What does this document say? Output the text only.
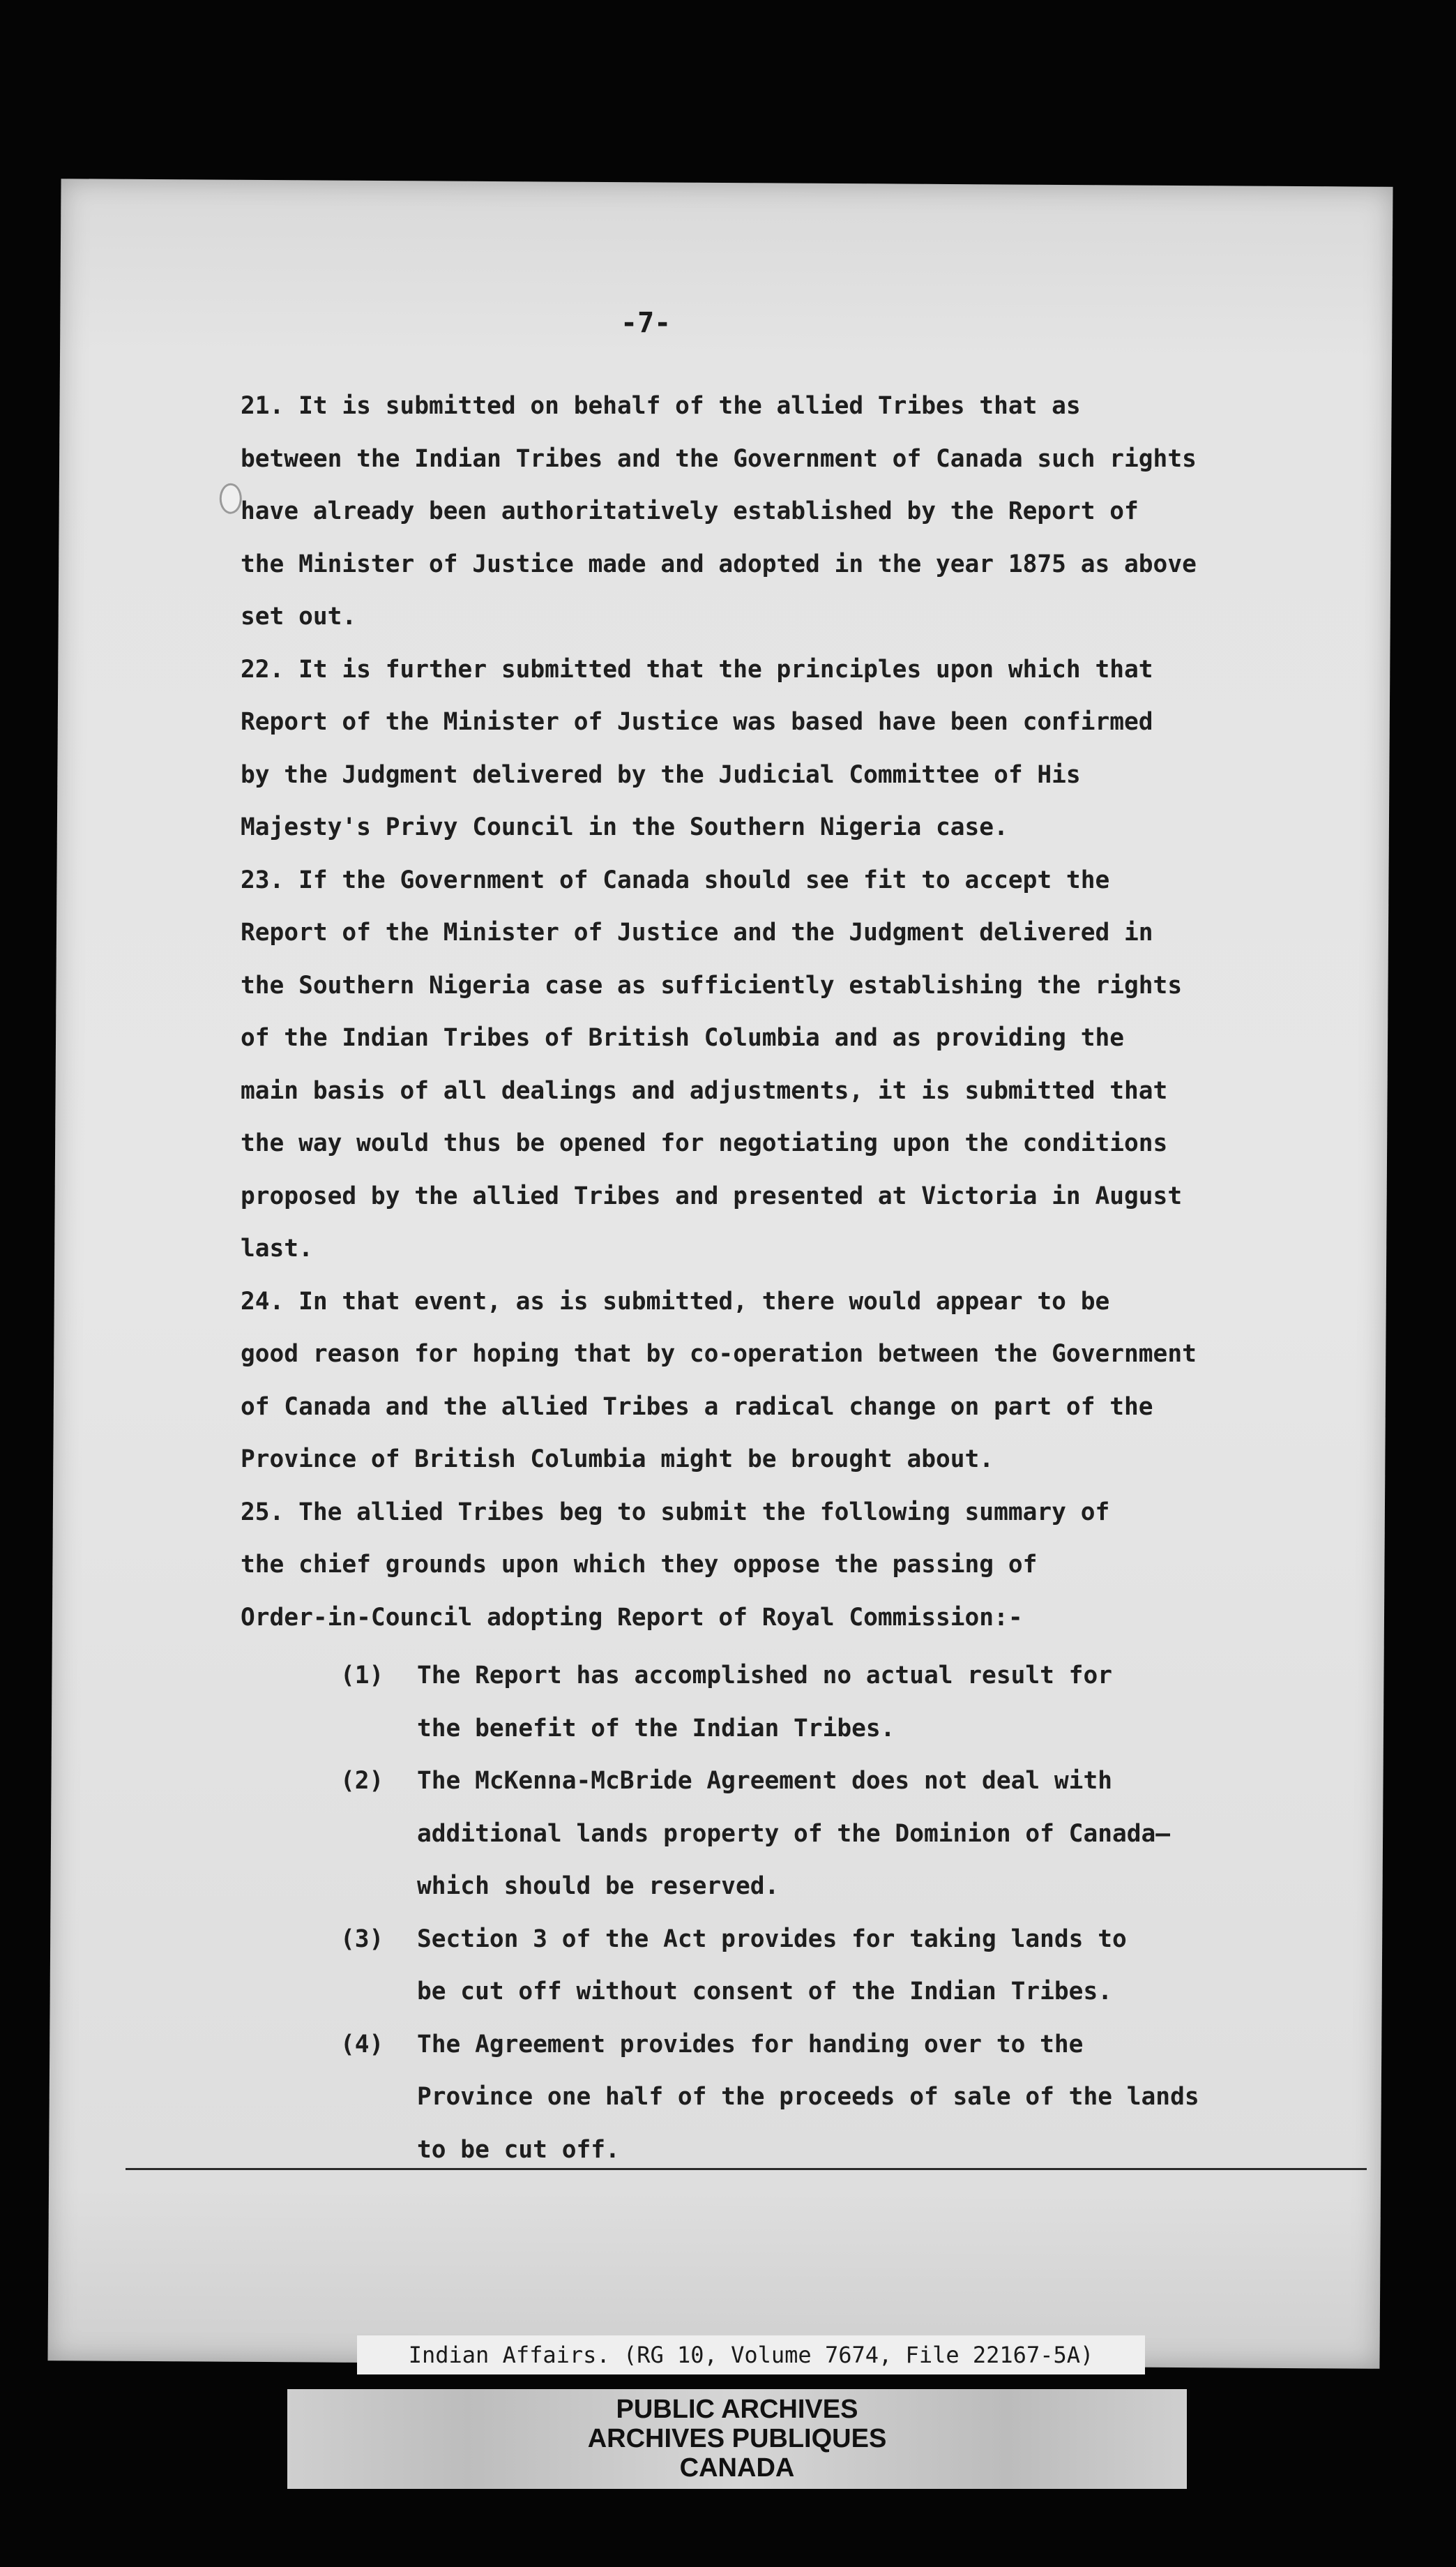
-7-
21. It is submitted on behalf of the allied Tribes that as
between the Indian Tribes and the Government of Canada such rights
have already been authoritatively established by the Report of
the Minister of Justice made and adopted in the year 1875 as above
set out.
22. It is further submitted that the principles upon which that
Report of the Minister of Justice was based have been confirmed
by the Judgment delivered by the Judicial Committee of His
Majesty's Privy Council in the Southern Nigeria case.
23. If the Government of Canada should see fit to accept the
Report of the Minister of Justice and the Judgment delivered in
the Southern Nigeria case as sufficiently establishing the rights
of the Indian Tribes of British Columbia and as providing the
main basis of all dealings and adjustments, it is submitted that
the way would thus be opened for negotiating upon the conditions
proposed by the allied Tribes and presented at Victoria in August
last.
24. In that event, as is submitted, there would appear to be
good reason for hoping that by co-operation between the Government
of Canada and the allied Tribes a radical change on part of the
Province of British Columbia might be brought about.
25. The allied Tribes beg to submit the following summary of
the chief grounds upon which they oppose the passing of
Order-in-Council adopting Report of Royal Commission:-
(1) The Report has accomplished no actual result for
the benefit of the Indian Tribes.
(2) The McKenna-McBride Agreement does not deal with
additional lands property of the Dominion of Canada—
which should be reserved.
(3) Section 3 of the Act provides for taking lands to
be cut off without consent of the Indian Tribes.
(4) The Agreement provides for handing over to the
Province one half of the proceeds of sale of the lands
to be cut off.
Indian Affairs. (RG 10, Volume 7674, File 22167-5A)
PUBLIC ARCHIVES
ARCHIVES PUBLIQUES
CANADA
